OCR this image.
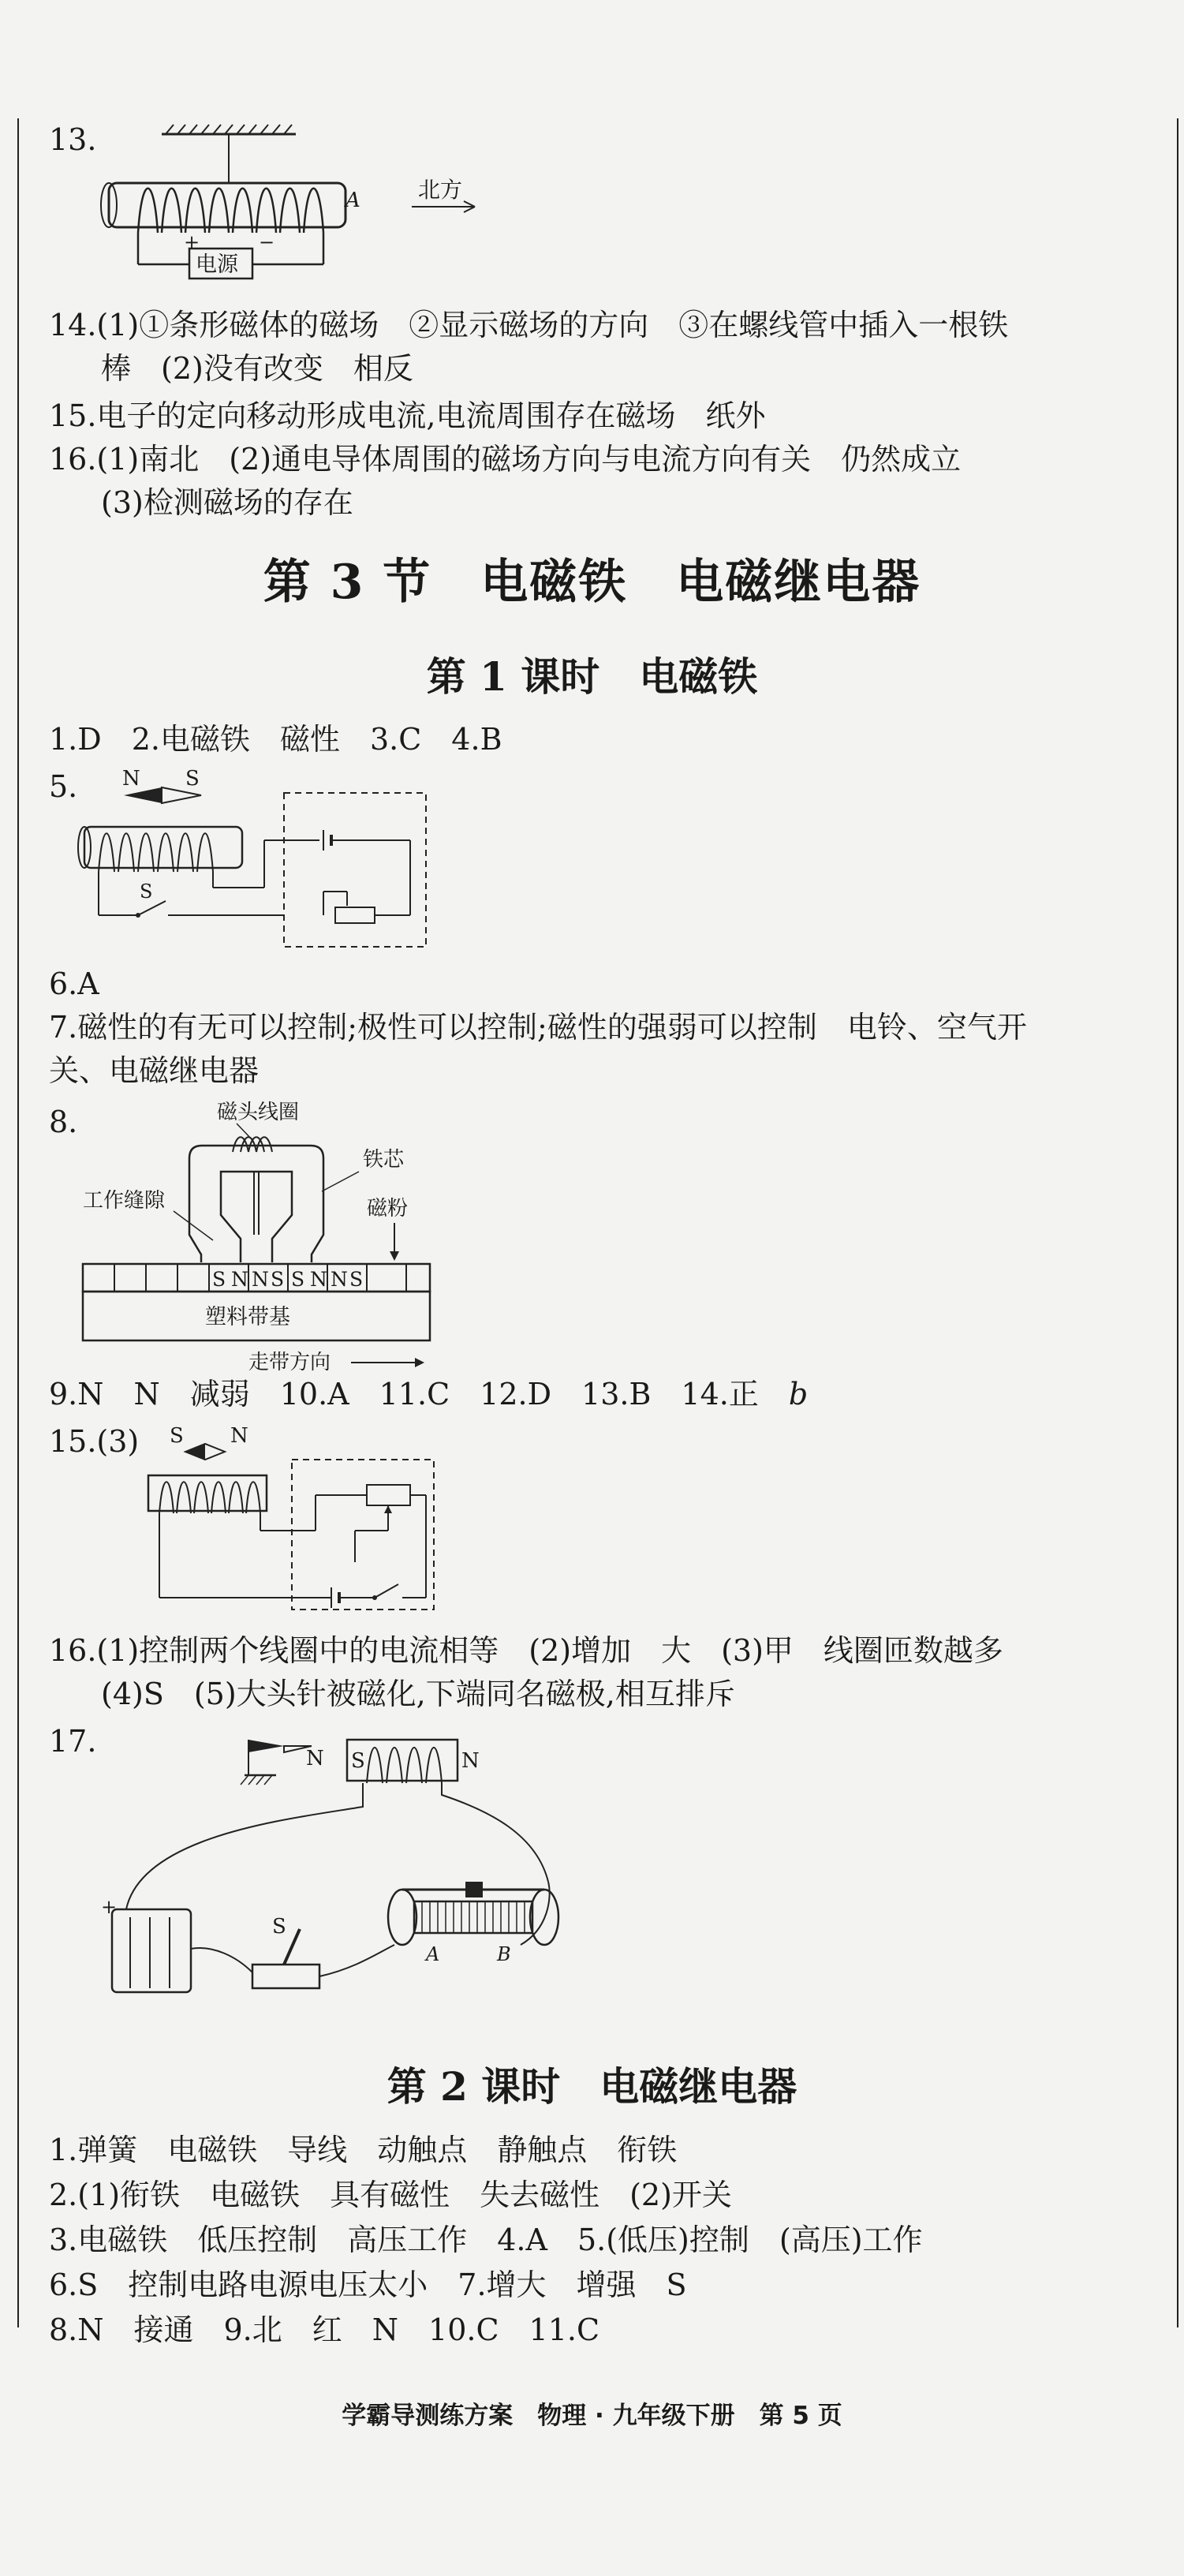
13.
A	北方
电源
+	−
14.(1)①条形磁体的磁场　②显示磁场的方向　③在螺线管中插入一根铁
棒　(2)没有改变　相反
15.电子的定向移动形成电流,电流周围存在磁场　纸外
16.(1)南北　(2)通电导体周围的磁场方向与电流方向有关　仍然成立
(3)检测磁场的存在
第 3 节　电磁铁　电磁继电器
第 1 课时　电磁铁
1.D　2.电磁铁　磁性　3.C　4.B
5. N S
S
6.A
7.磁性的有无可以控制;极性可以控制;磁性的强弱可以控制　电铃、空气开
关、电磁继电器
8.	磁头线圈
铁芯
工作缝隙	磁粉
S N N S S N N S
塑料带基
走带方向
9.N　N　减弱　10.A　11.C　12.D　13.B　14.正　b
15.(3) S N
16.(1)控制两个线圈中的电流相等　(2)增加　大　(3)甲　线圈匝数越多
(4)S　(5)大头针被磁化,下端同名磁极,相互排斥
17.	N S	N
+
S
A	B
第 2 课时　电磁继电器
1.弹簧　电磁铁　导线　动触点　静触点　衔铁
2.(1)衔铁　电磁铁　具有磁性　失去磁性　(2)开关
3.电磁铁　低压控制　高压工作　4.A　5.(低压)控制　(高压)工作
6.S　控制电路电源电压太小　7.增大　增强　S
8.N　接通　9.北　红　N　10.C　11.C
学霸导测练方案　物理 · 九年级下册　第 5 页
